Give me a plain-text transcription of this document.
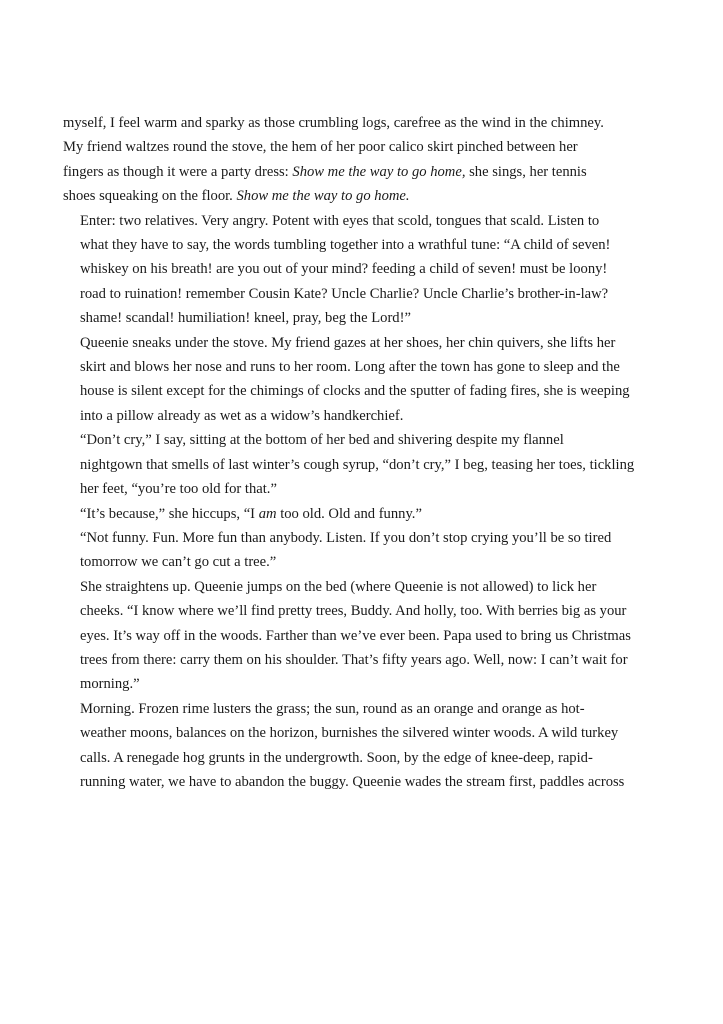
myself, I feel warm and sparky as those crumbling logs, carefree as the wind in the chimney.
My friend waltzes round the stove, the hem of her poor calico skirt pinched between her
fingers as though it were a party dress: Show me the way to go home, she sings, her tennis
shoes squeaking on the floor. Show me the way to go home.

Enter: two relatives. Very angry. Potent with eyes that scold, tongues that scald. Listen to
what they have to say, the words tumbling together into a wrathful tune: “A child of seven!
whiskey on his breath! are you out of your mind? feeding a child of seven! must be loony!
road to ruination! remember Cousin Kate? Uncle Charlie? Uncle Charlie’s brother-in-law?
shame! scandal! humiliation! kneel, pray, beg the Lord!”

Queenie sneaks under the stove. My friend gazes at her shoes, her chin quivers, she lifts her
skirt and blows her nose and runs to her room. Long after the town has gone to sleep and the
house is silent except for the chimings of clocks and the sputter of fading fires, she is weeping
into a pillow already as wet as a widow’s handkerchief.

“Don’t cry,” I say, sitting at the bottom of her bed and shivering despite my flannel
nightgown that smells of last winter’s cough syrup, “don’t cry,” I beg, teasing her toes, tickling
her feet, “you’re too old for that.”

“It’s because,” she hiccups, “I am too old. Old and funny.”

“Not funny. Fun. More fun than anybody. Listen. If you don’t stop crying you’ll be so tired
tomorrow we can’t go cut a tree.”

She straightens up. Queenie jumps on the bed (where Queenie is not allowed) to lick her
cheeks. “I know where we’ll find pretty trees, Buddy. And holly, too. With berries big as your
eyes. It’s way off in the woods. Farther than we’ve ever been. Papa used to bring us Christmas
trees from there: carry them on his shoulder. That’s fifty years ago. Well, now: I can’t wait for
morning.”

Morning. Frozen rime lusters the grass; the sun, round as an orange and orange as hot-
weather moons, balances on the horizon, burnishes the silvered winter woods. A wild turkey
calls. A renegade hog grunts in the undergrowth. Soon, by the edge of knee-deep, rapid-
running water, we have to abandon the buggy. Queenie wades the stream first, paddles across
